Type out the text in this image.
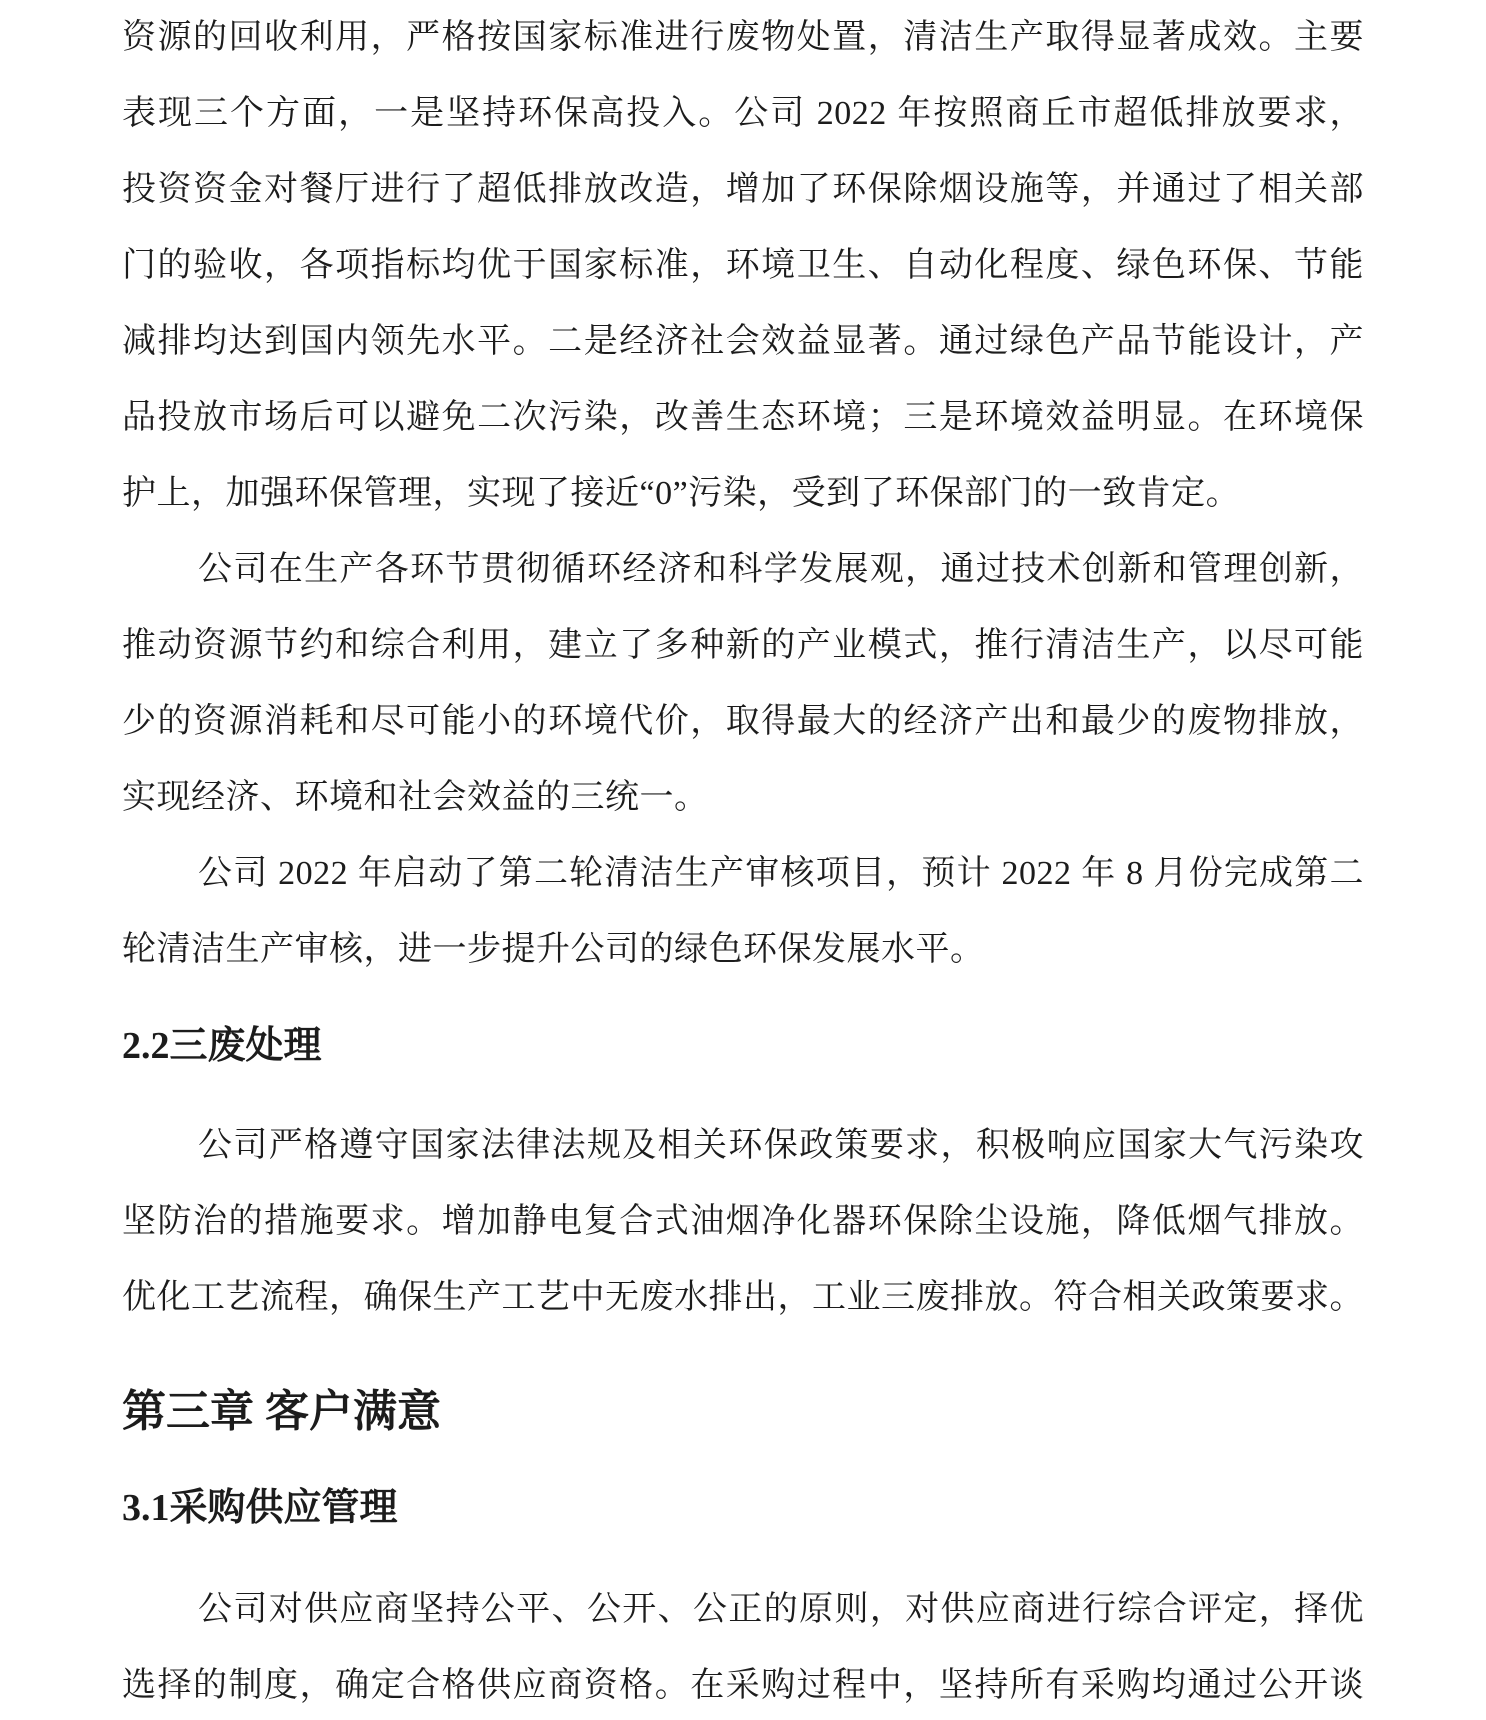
资源的回收利用，严格按国家标准进行废物处置，清洁生产取得显著成效。主要
表现三个方面，一是坚持环保高投入。公司 2022 年按照商丘市超低排放要求，
投资资金对餐厅进行了超低排放改造，增加了环保除烟设施等，并通过了相关部
门的验收，各项指标均优于国家标准，环境卫生、自动化程度、绿色环保、节能
减排均达到国内领先水平。二是经济社会效益显著。通过绿色产品节能设计，产
品投放市场后可以避免二次污染，改善生态环境；三是环境效益明显。在环境保
护上，加强环保管理，实现了接近“0”污染，受到了环保部门的一致肯定。
公司在生产各环节贯彻循环经济和科学发展观，通过技术创新和管理创新，
推动资源节约和综合利用，建立了多种新的产业模式，推行清洁生产，以尽可能
少的资源消耗和尽可能小的环境代价，取得最大的经济产出和最少的废物排放，
实现经济、环境和社会效益的三统一。
公司 2022 年启动了第二轮清洁生产审核项目，预计 2022 年 8 月份完成第二
轮清洁生产审核，进一步提升公司的绿色环保发展水平。
2.2三废处理
公司严格遵守国家法律法规及相关环保政策要求，积极响应国家大气污染攻
坚防治的措施要求。增加静电复合式油烟净化器环保除尘设施，降低烟气排放。
优化工艺流程，确保生产工艺中无废水排出，工业三废排放。符合相关政策要求。
第三章 客户满意
3.1采购供应管理
公司对供应商坚持公平、公开、公正的原则，对供应商进行综合评定，择优
选择的制度，确定合格供应商资格。在采购过程中，坚持所有采购均通过公开谈
